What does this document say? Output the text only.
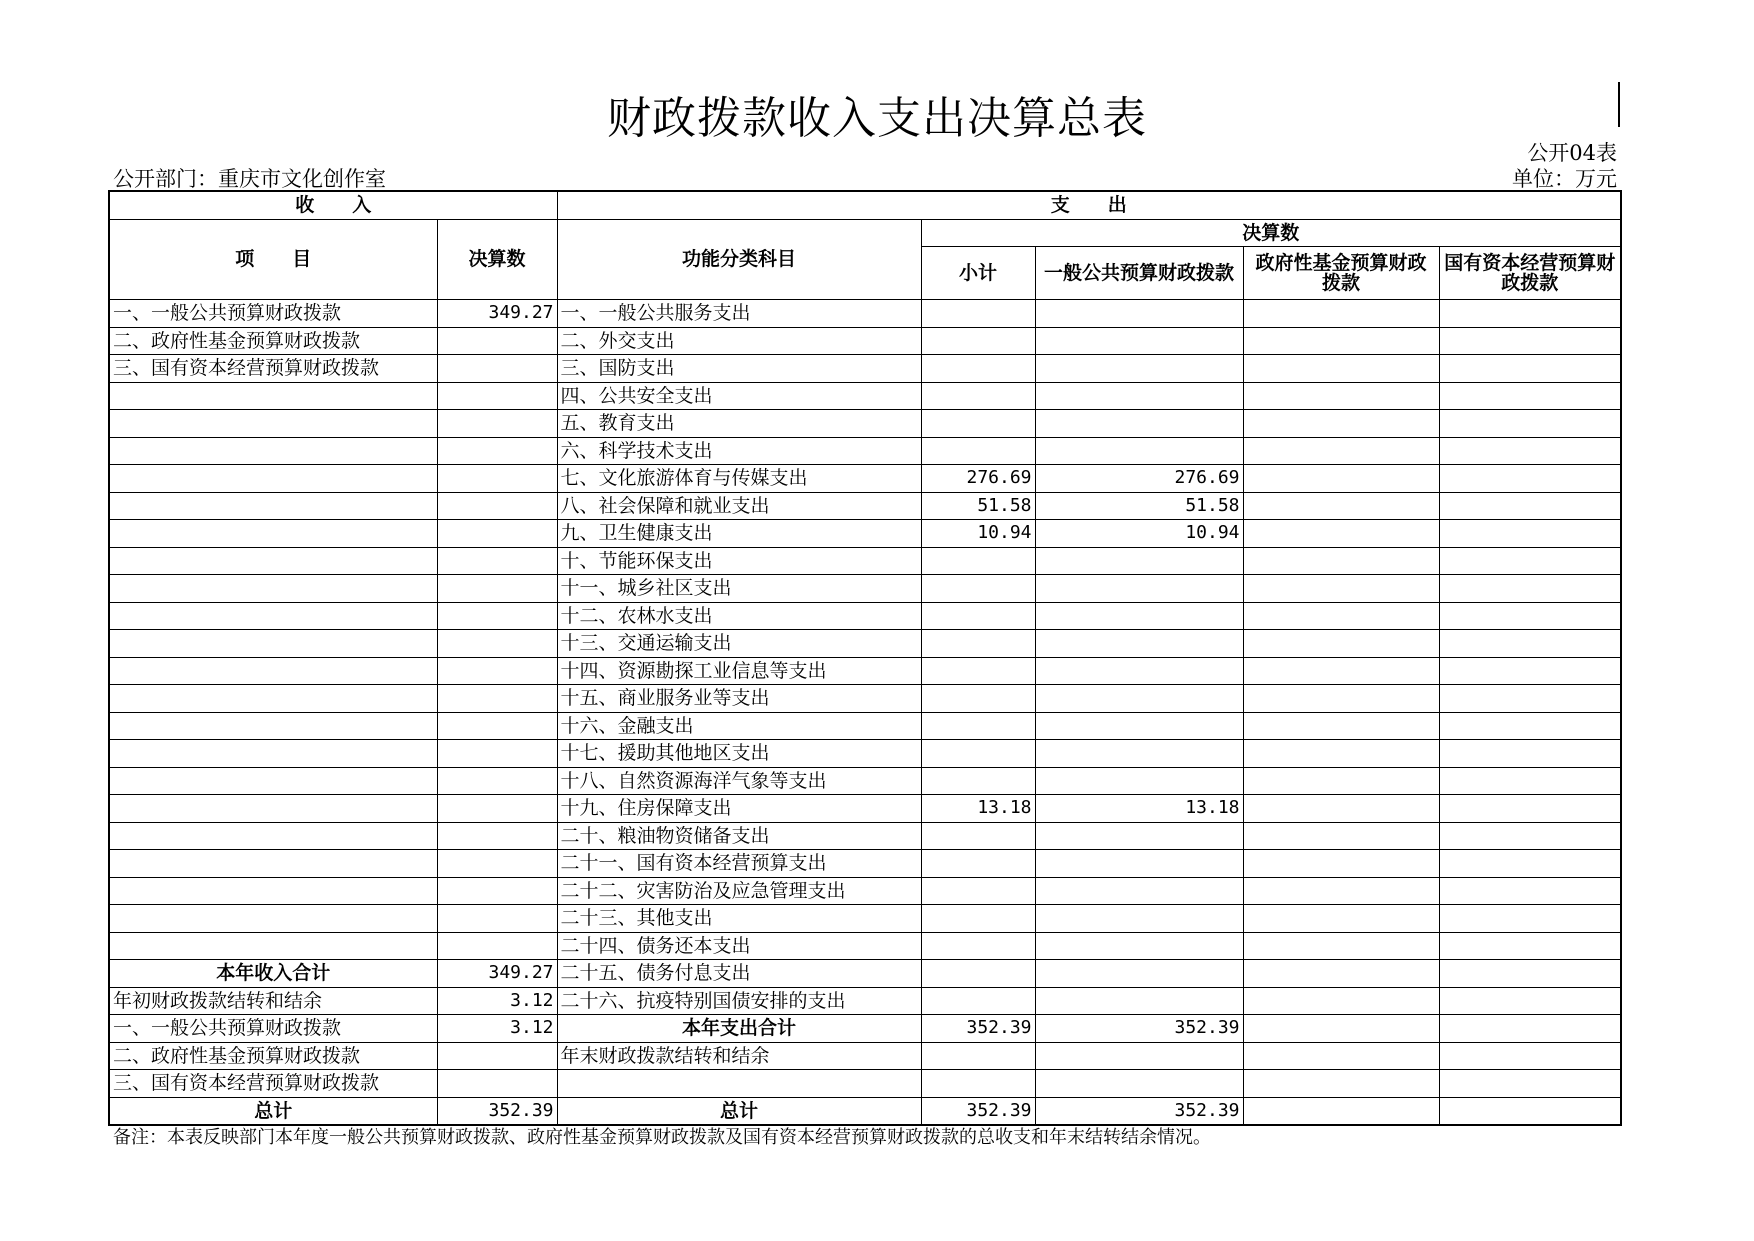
财政拨款收入支出决算总表
公开04表
公开部门：重庆市文化创作室	单位：万元
收　　入		支　　出				
项　　目	决算数	功能分类科目	决算数			
			小计	一般公共预算财政拨款	政府性基金预算财政拨款	国有资本经营预算财政拨款

一、一般公共预算财政拨款	349.27	一、一般公共服务支出				
二、政府性基金预算财政拨款		二、外交支出				
三、国有资本经营预算财政拨款		三、国防支出				
		四、公共安全支出				
		五、教育支出				
		六、科学技术支出				
		七、文化旅游体育与传媒支出	276.69	276.69		
		八、社会保障和就业支出	51.58	51.58		
		九、卫生健康支出	10.94	10.94		
		十、节能环保支出				
		十一、城乡社区支出				
		十二、农林水支出				
		十三、交通运输支出				
		十四、资源勘探工业信息等支出				
		十五、商业服务业等支出				
		十六、金融支出				
		十七、援助其他地区支出				
		十八、自然资源海洋气象等支出				
		十九、住房保障支出	13.18	13.18		
		二十、粮油物资储备支出				
		二十一、国有资本经营预算支出				
		二十二、灾害防治及应急管理支出				
		二十三、其他支出				
		二十四、债务还本支出				
本年收入合计	349.27	二十五、债务付息支出				
年初财政拨款结转和结余	3.12	二十六、抗疫特别国债安排的支出				
一、一般公共预算财政拨款	3.12	本年支出合计	352.39	352.39		
二、政府性基金预算财政拨款		年末财政拨款结转和结余				
三、国有资本经营预算财政拨款						
总计	352.39	总计	352.39	352.39		
备注：本表反映部门本年度一般公共预算财政拨款、政府性基金预算财政拨款及国有资本经营预算财政拨款的总收支和年末结转结余情况。
